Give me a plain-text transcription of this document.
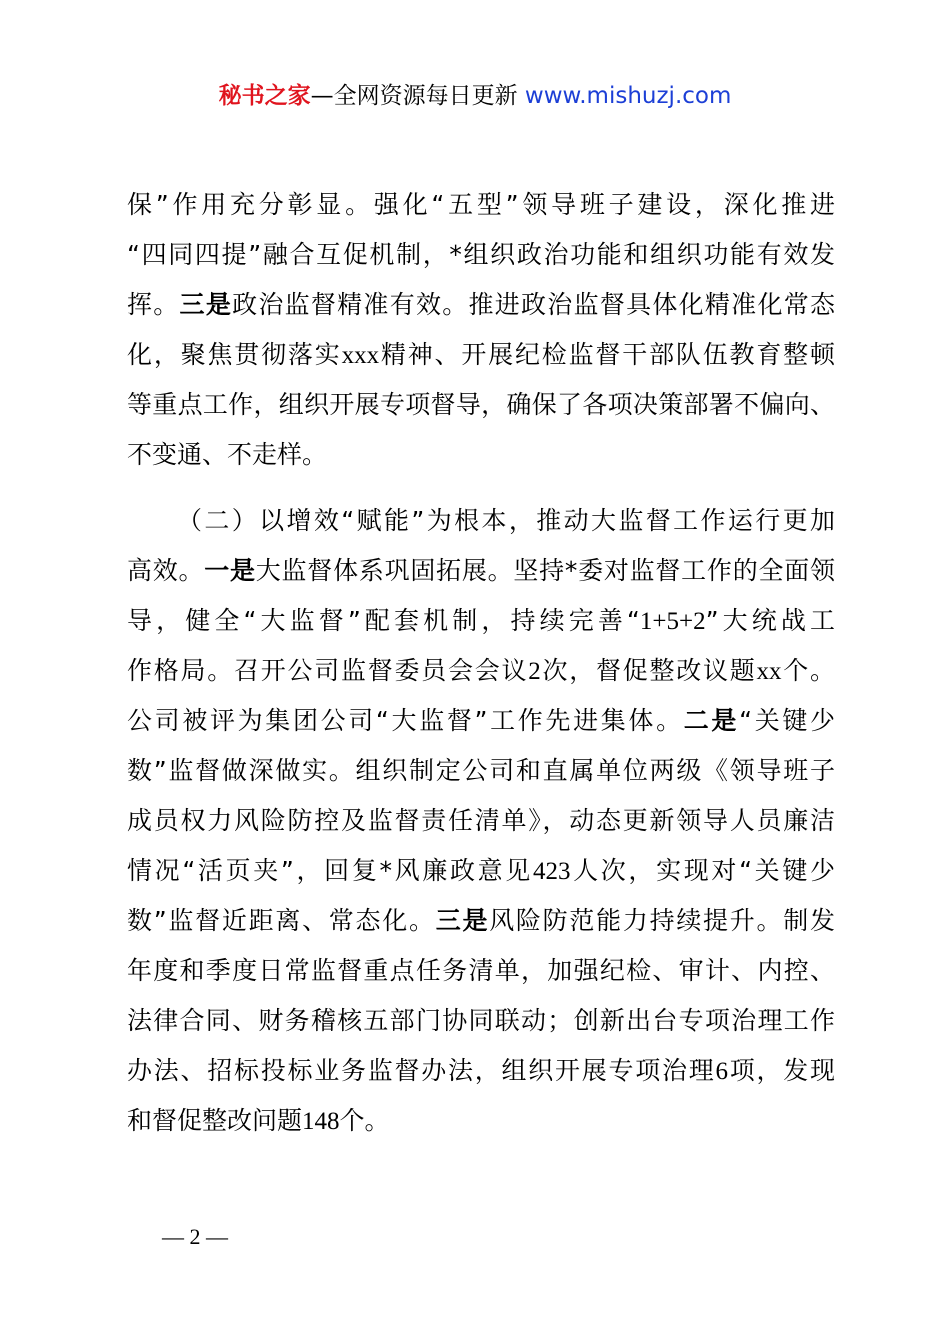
秘书之家—全网资源每日更新 www.mishuzj.com
保”作用充分彰显。强化“五型”领导班子建设，深化推进
“四同四提”融合互促机制，*组织政治功能和组织功能有效发
挥。三是政治监督精准有效。推进政治监督具体化精准化常态
化，聚焦贯彻落实xxx精神、开展纪检监督干部队伍教育整顿
等重点工作，组织开展专项督导，确保了各项决策部署不偏向、
不变通、不走样。
（二）以增效“赋能”为根本，推动大监督工作运行更加
高效。一是大监督体系巩固拓展。坚持*委对监督工作的全面领
导，健全“大监督”配套机制，持续完善“1+5+2”大统战工
作格局。召开公司监督委员会会议2次，督促整改议题xx个。
公司被评为集团公司“大监督”工作先进集体。二是“关键少
数”监督做深做实。组织制定公司和直属单位两级《领导班子
成员权力风险防控及监督责任清单》，动态更新领导人员廉洁
情况“活页夹”，回复*风廉政意见423人次，实现对“关键少
数”监督近距离、常态化。三是风险防范能力持续提升。制发
年度和季度日常监督重点任务清单，加强纪检、审计、内控、
法律合同、财务稽核五部门协同联动；创新出台专项治理工作
办法、招标投标业务监督办法，组织开展专项治理6项，发现
和督促整改问题148个。
— 2 —
